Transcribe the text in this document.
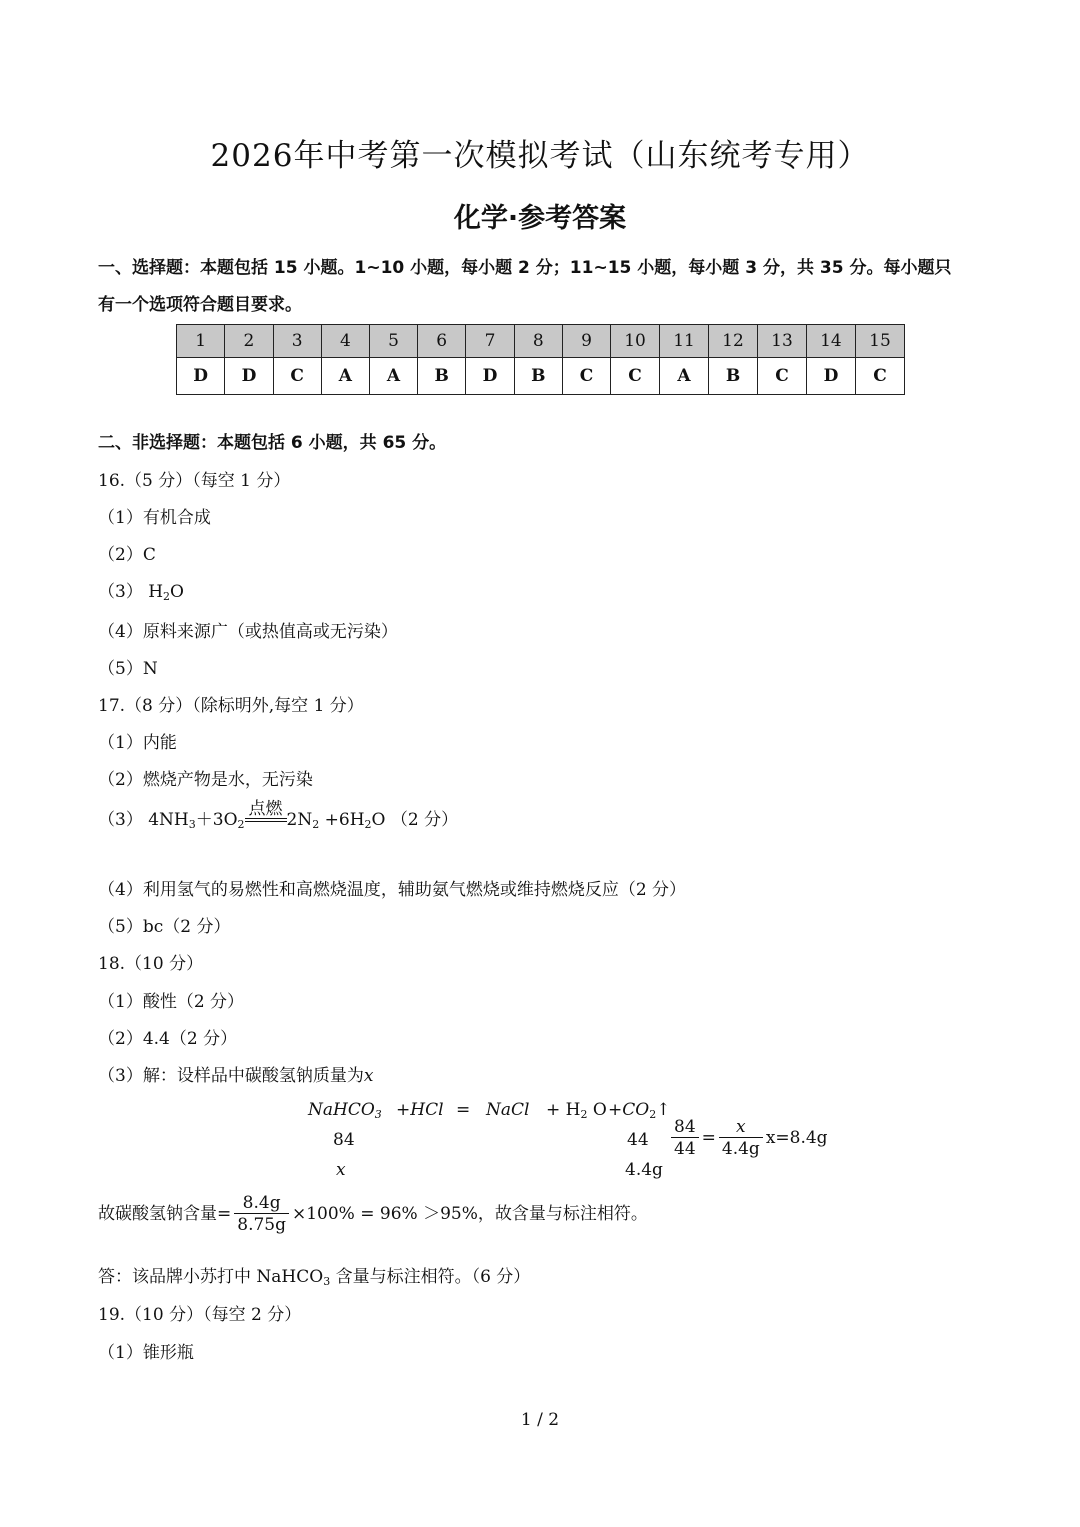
2026年中考第一次模拟考试（山东统考专用）
化学·参考答案
一、选择题：本题包括 15 小题。1~10 小题，每小题 2 分；11~15 小题，每小题 3 分，共 35 分。每小题只
有一个选项符合题目要求。
1	2	3	4	5	6	7	8	9	10	11	12	13	14	15
D	D	C	A	A	B	D	B	C	C	A	B	C	D	C
二、非选择题：本题包括 6 小题，共 65 分。
16.（5 分）（每空 1 分）
（1）有机合成
（2）C
（3） $H_2O$
（4）原料来源广（或热值高或无污染）
（5）N
17.（8 分）（除标明外,每空 1 分）
（1）内能
（2）燃烧产物是水，无污染
（3） $4NH_3+3O_2$
点燃
$2N_2 +6H_2O$ （2 分）
（4）利用氢气的易燃性和高燃烧温度，辅助氨气燃烧或维持燃烧反应（2 分）
（5）bc（2 分）
18.（10 分）
（1）酸性（2 分）
（2）4.4（2 分）
（3）解：设样品中碳酸氢钠质量为x
NaHCO$_3$ +HCl = NaCl + $H_2$ $O +CO_2↑$
84	44
x	4.4g
$\frac{84}{44} = \frac{x}{4.4g} x=8.4g$
故碳酸氢钠含量= $\frac{8.4g}{8.75g} \times 100\% = 96\% >95\%$，故含量与标注相符。
答：该品牌小苏打中 NaHCO$_3$ 含量与标注相符。（6 分）
19.（10 分）（每空 2 分）
（1）锥形瓶
1 / 2
